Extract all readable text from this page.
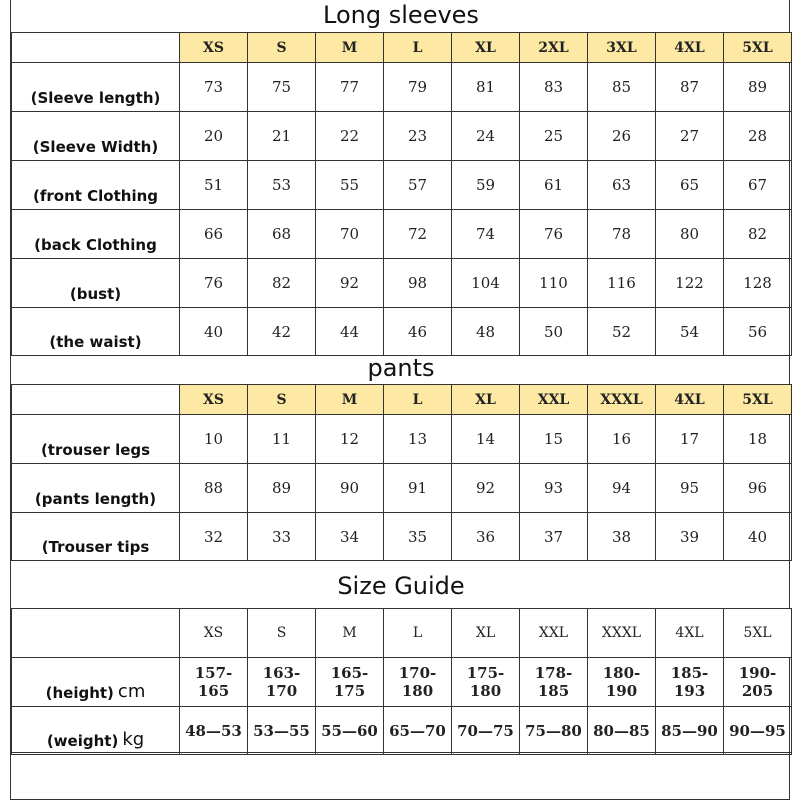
Long sleeves
	XS	S	M	L	XL	2XL	3XL	4XL	5XL
(Sleeve length)	73	75	77	79	81	83	85	87	89
(Sleeve Width)	20	21	22	23	24	25	26	27	28
(front Clothing	51	53	55	57	59	61	63	65	67
(back Clothing	66	68	70	72	74	76	78	80	82
(bust)	76	82	92	98	104	110	116	122	128
(the waist)	40	42	44	46	48	50	52	54	56
pants
	XS	S	M	L	XL	XXL	XXXL	4XL	5XL
(trouser legs	10	11	12	13	14	15	16	17	18
(pants length)	88	89	90	91	92	93	94	95	96
(Trouser tips	32	33	34	35	36	37	38	39	40
Size Guide
	XS	S	M	L	XL	XXL	XXXL	4XL	5XL
(height) cm	157-165	163-170	165-175	170-180	175-180	178-185	180-190	185-193	190-205
(weight) kg	48—53	53—55	55—60	65—70	70—75	75—80	80—85	85—90	90—95
